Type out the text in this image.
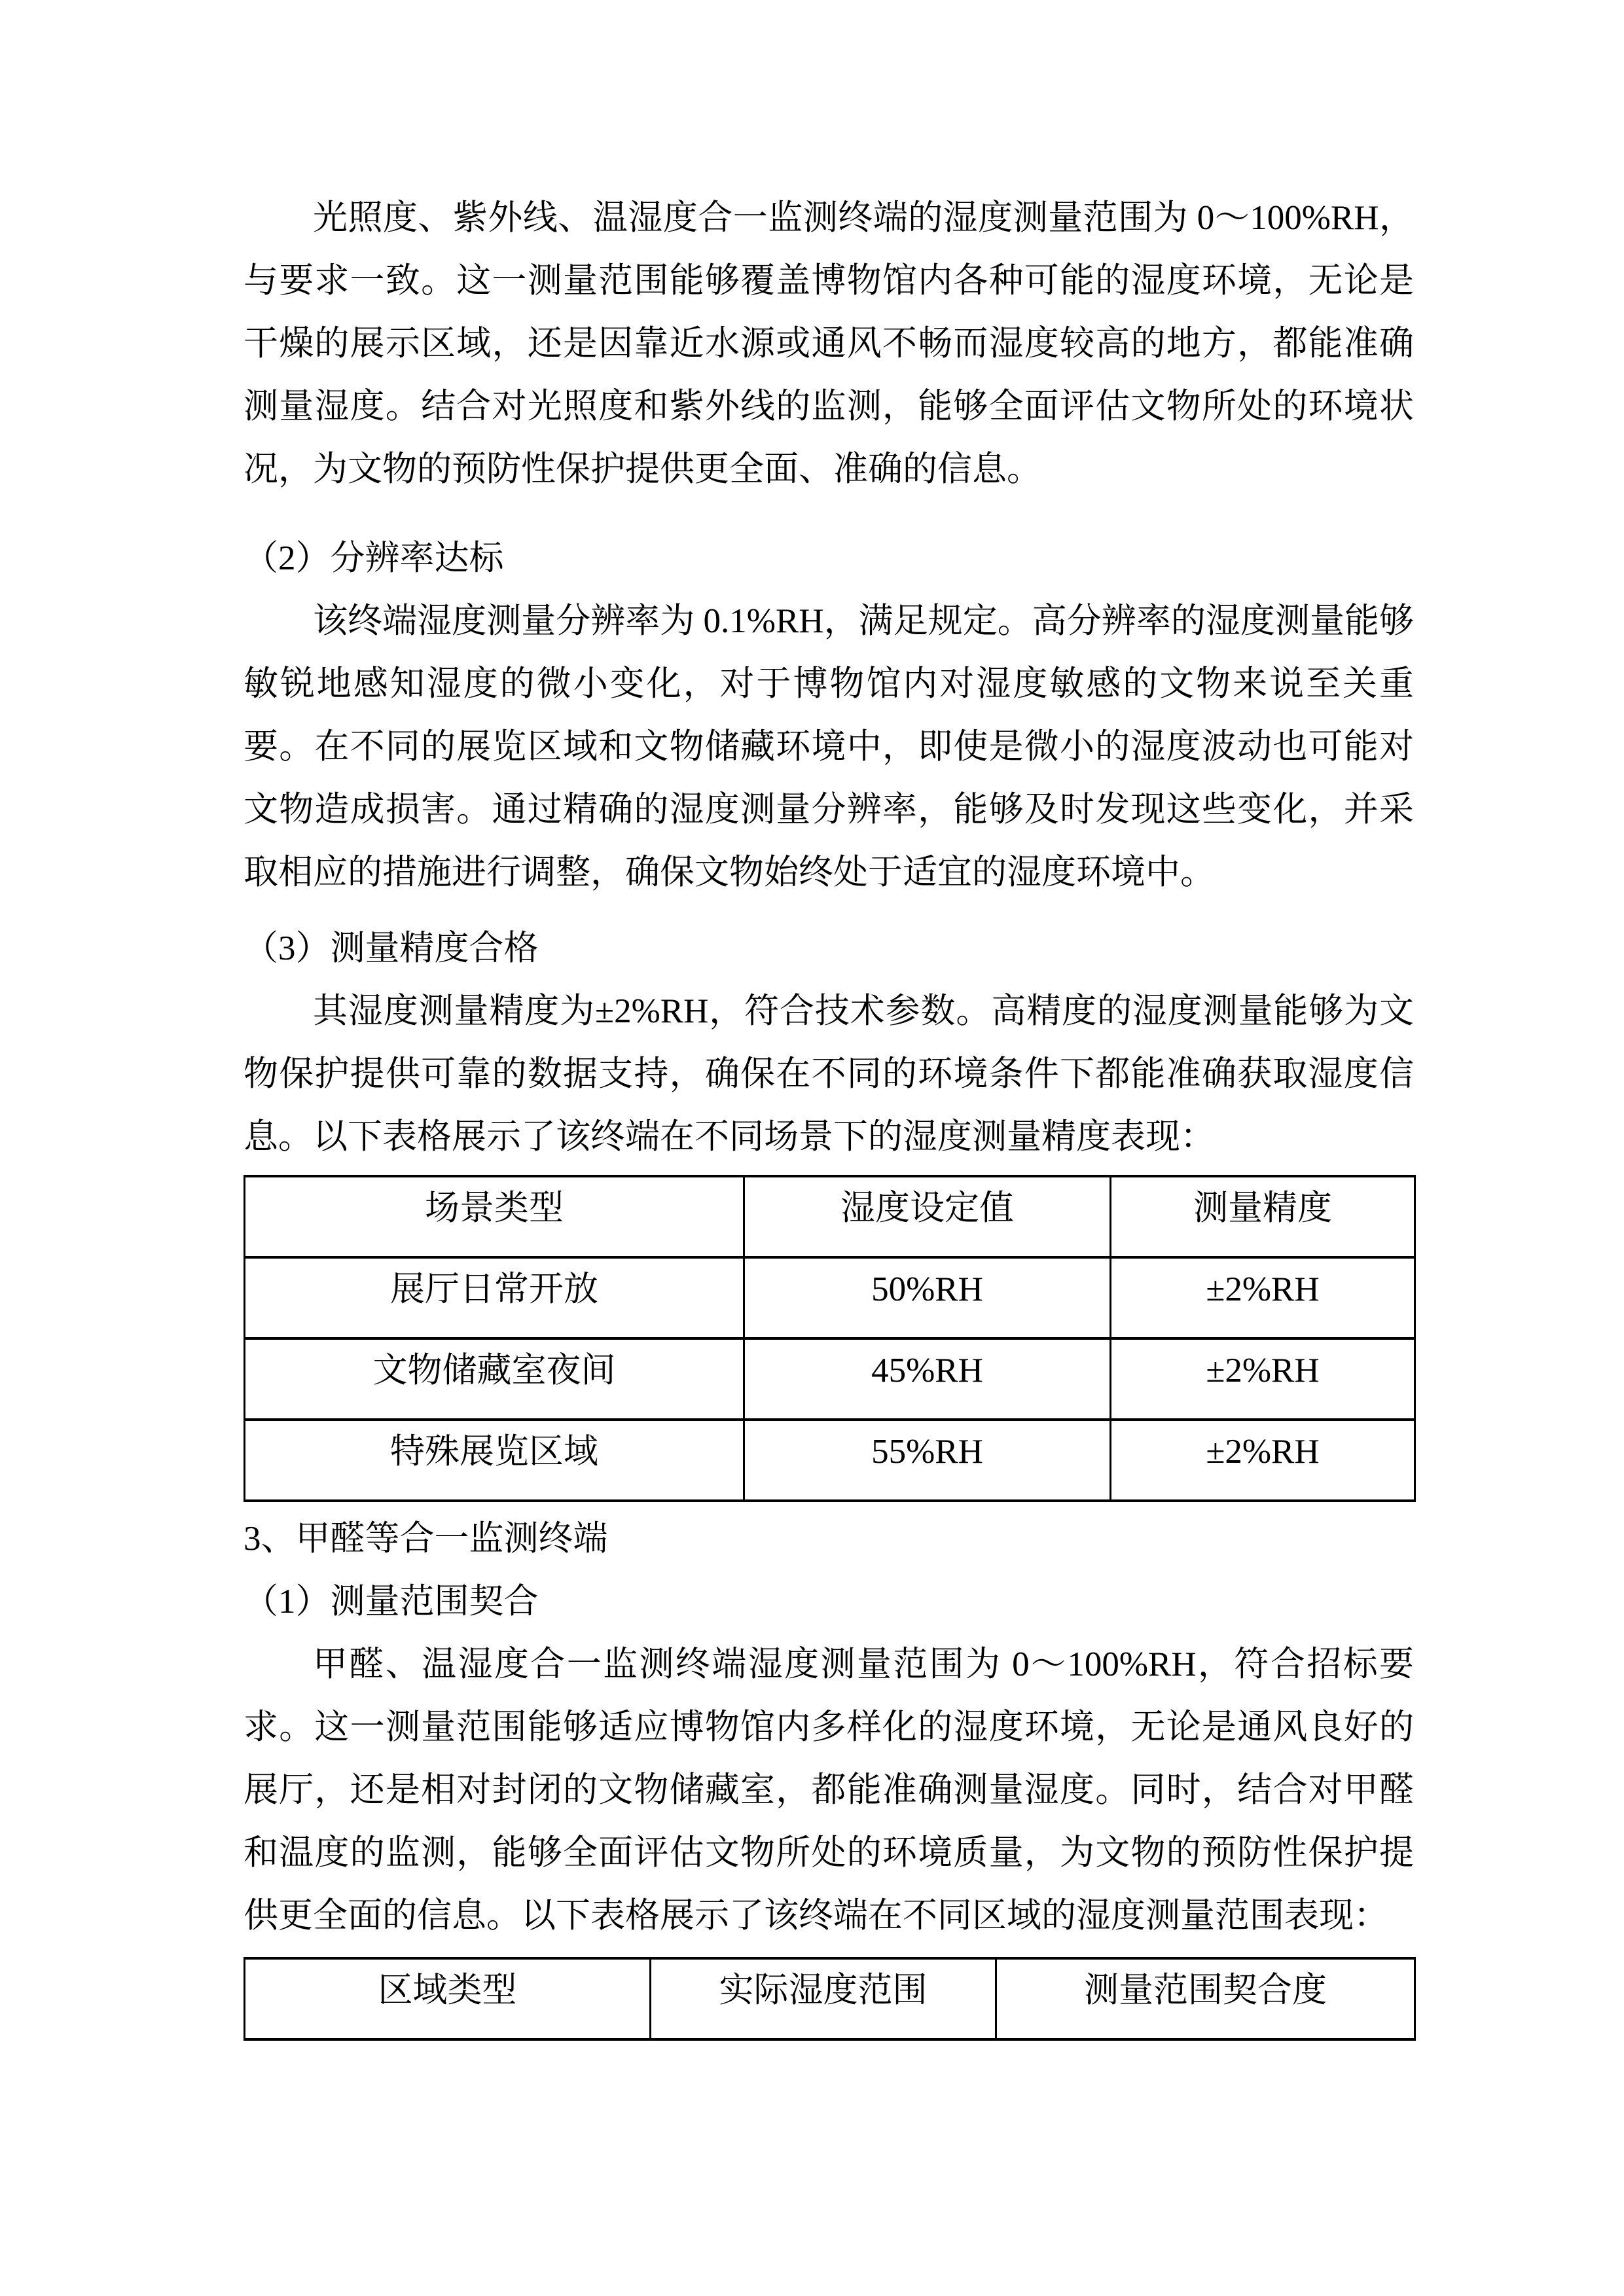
光照度、紫外线、温湿度合一监测终端的湿度测量范围为 0～100%RH，与要求一致。这一测量范围能够覆盖博物馆内各种可能的湿度环境，无论是干燥的展示区域，还是因靠近水源或通风不畅而湿度较高的地方，都能准确测量湿度。结合对光照度和紫外线的监测，能够全面评估文物所处的环境状况，为文物的预防性保护提供更全面、准确的信息。

（2）分辨率达标

该终端湿度测量分辨率为 0.1%RH，满足规定。高分辨率的湿度测量能够敏锐地感知湿度的微小变化，对于博物馆内对湿度敏感的文物来说至关重要。在不同的展览区域和文物储藏环境中，即使是微小的湿度波动也可能对文物造成损害。通过精确的湿度测量分辨率，能够及时发现这些变化，并采取相应的措施进行调整，确保文物始终处于适宜的湿度环境中。

（3）测量精度合格

其湿度测量精度为±2%RH，符合技术参数。高精度的湿度测量能够为文物保护提供可靠的数据支持，确保在不同的环境条件下都能准确获取湿度信息。以下表格展示了该终端在不同场景下的湿度测量精度表现：

场景类型	湿度设定值	测量精度
展厅日常开放	50%RH	±2%RH
文物储藏室夜间	45%RH	±2%RH
特殊展览区域	55%RH	±2%RH

3、甲醛等合一监测终端

（1）测量范围契合

甲醛、温湿度合一监测终端湿度测量范围为 0～100%RH，符合招标要求。这一测量范围能够适应博物馆内多样化的湿度环境，无论是通风良好的展厅，还是相对封闭的文物储藏室，都能准确测量湿度。同时，结合对甲醛和温度的监测，能够全面评估文物所处的环境质量，为文物的预防性保护提供更全面的信息。以下表格展示了该终端在不同区域的湿度测量范围表现：

区域类型	实际湿度范围	测量范围契合度
